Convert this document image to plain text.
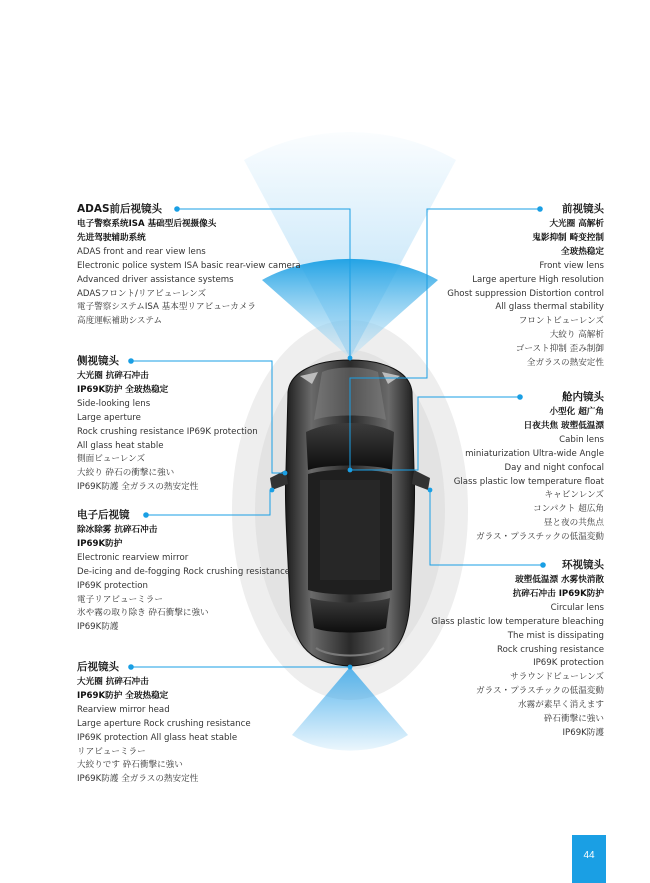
ADAS前后视镜头
电子警察系统ISA 基础型后视摄像头
先进驾驶辅助系统
ADAS front and rear view lens
Electronic police system ISA basic rear-view camera
Advanced driver assistance systems
ADASフロント/リアビューレンズ
電子警察システムISA 基本型リアビューカメラ
高度運転補助システム
侧视镜头
大光圈 抗碎石冲击
IP69K防护 全玻热稳定
Side-looking lens
Large aperture
Rock crushing resistance IP69K protection
All glass heat stable
側面ビューレンズ
大絞り 砕石の衝撃に強い
IP69K防護 全ガラスの熱安定性
电子后视镜
除冰除雾 抗碎石冲击
IP69K防护
Electronic rearview mirror
De-icing and de-fogging Rock crushing resistance
IP69K protection
電子リアビューミラー
氷や霧の取り除き 砕石衝撃に強い
IP69K防護
后视镜头
大光圈 抗碎石冲击
IP69K防护 全玻热稳定
Rearview mirror head
Large aperture Rock crushing resistance
IP69K protection All glass heat stable
リアビューミラー
大絞りです 砕石衝撃に強い
IP69K防護 全ガラスの熱安定性
前视镜头
大光圈 高解析
鬼影抑制 畸变控制
全玻热稳定
Front view lens
Large aperture High resolution
Ghost suppression Distortion control
All glass thermal stability
フロントビューレンズ
大絞り 高解析
ゴースト抑制 歪み制御
全ガラスの熱安定性
舱内镜头
小型化 超广角
日夜共焦 玻塑低温漂
Cabin lens
miniaturization Ultra-wide Angle
Day and night confocal
Glass plastic low temperature float
キャビンレンズ
コンパクト 超広角
昼と夜の共焦点
ガラス・プラスチックの低温変動
环视镜头
玻塑低温漂 水雾快消散
抗碎石冲击 IP69K防护
Circular lens
Glass plastic low temperature bleaching
The mist is dissipating
Rock crushing resistance
IP69K protection
サラウンドビューレンズ
ガラス・プラスチックの低温変動
水霧が素早く消えます
砕石衝撃に強い
IP69K防護
44
